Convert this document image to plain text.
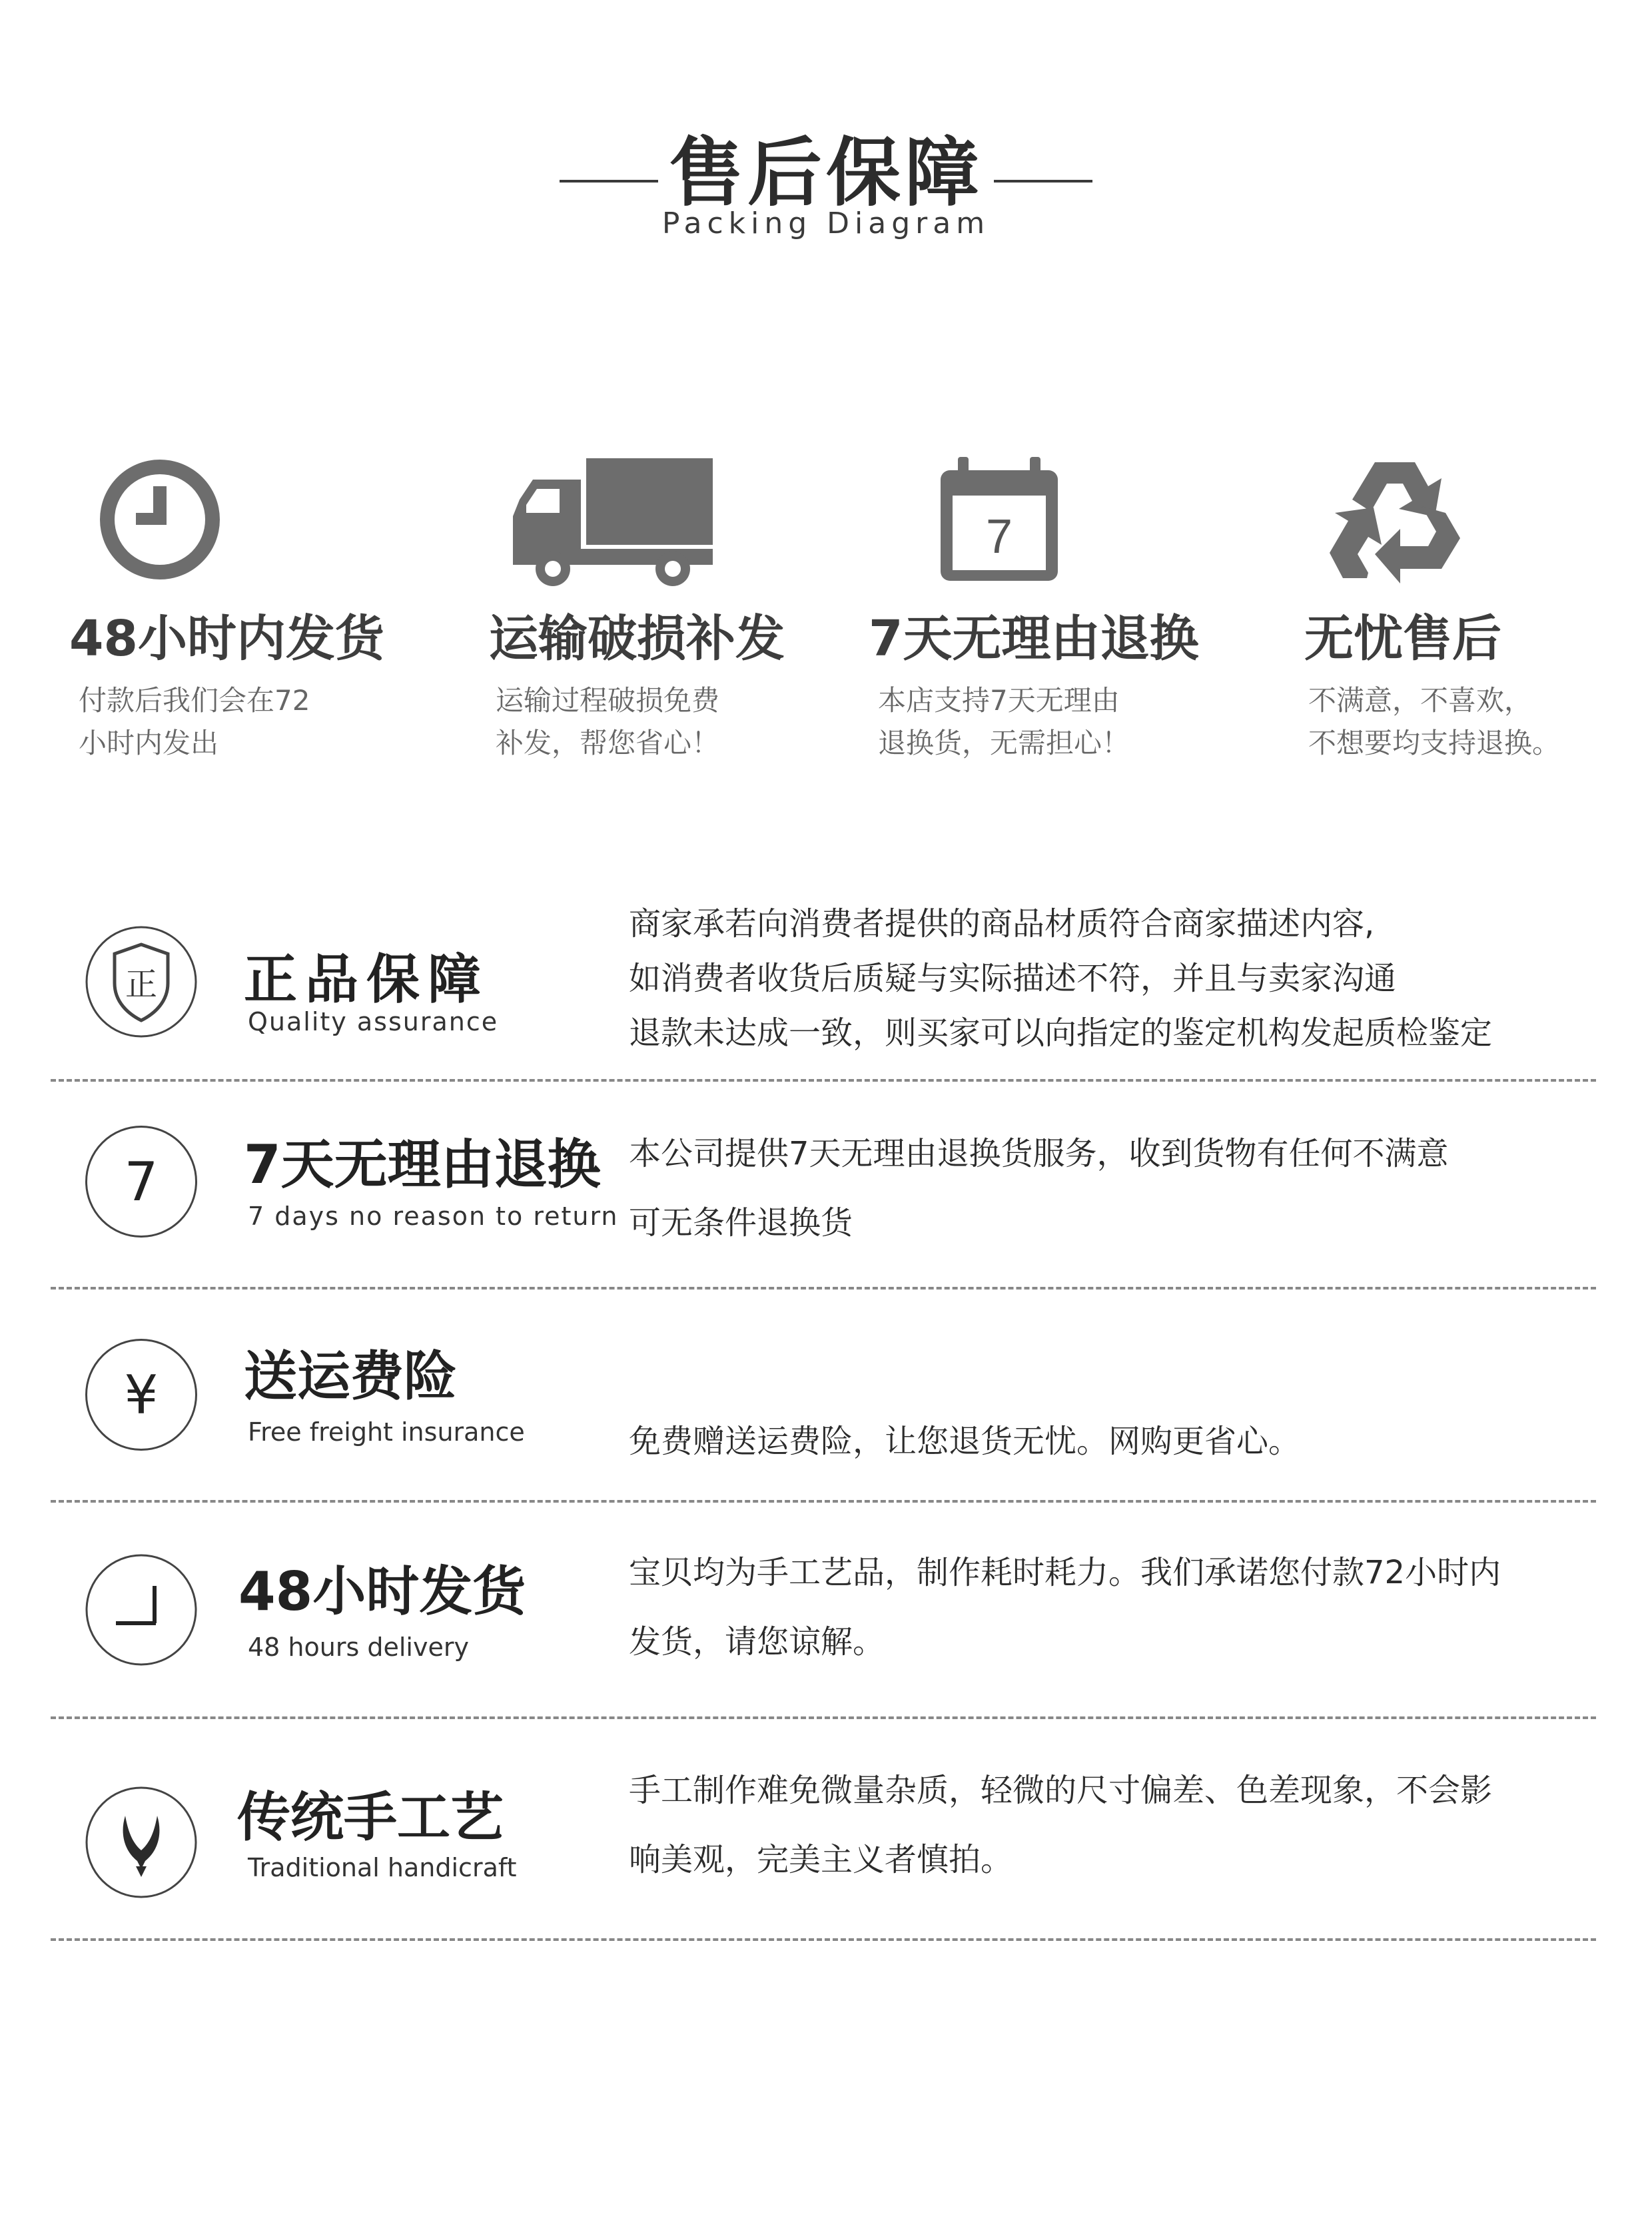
售后保障
Packing Diagram
48小时内发货
付款后我们会在72
小时内发出
运输破损补发
运输过程破损免费
补发，帮您省心！
7
7天无理由退换
本店支持7天无理由
退换货，无需担心！
无忧售后
不满意，不喜欢，
不想要均支持退换。
正 正品保障
Quality assurance
商家承若向消费者提供的商品材质符合商家描述内容,
如消费者收货后质疑与实际描述不符，并且与卖家沟通
退款未达成一致，则买家可以向指定的鉴定机构发起质检鉴定
7	7天无理由退换
7 days no reason to return
本公司提供7天无理由退换货服务，收到货物有任何不满意
可无条件退换货
¥	送运费险
Free freight insurance	免费赠送运费险，让您退货无忧。网购更省心。
48小时发货
48 hours delivery
宝贝均为手工艺品，制作耗时耗力。我们承诺您付款72小时内
发货，请您谅解。
传统手工艺
Traditional handicraft
手工制作难免微量杂质，轻微的尺寸偏差、色差现象，不会影
响美观，完美主义者慎拍。
